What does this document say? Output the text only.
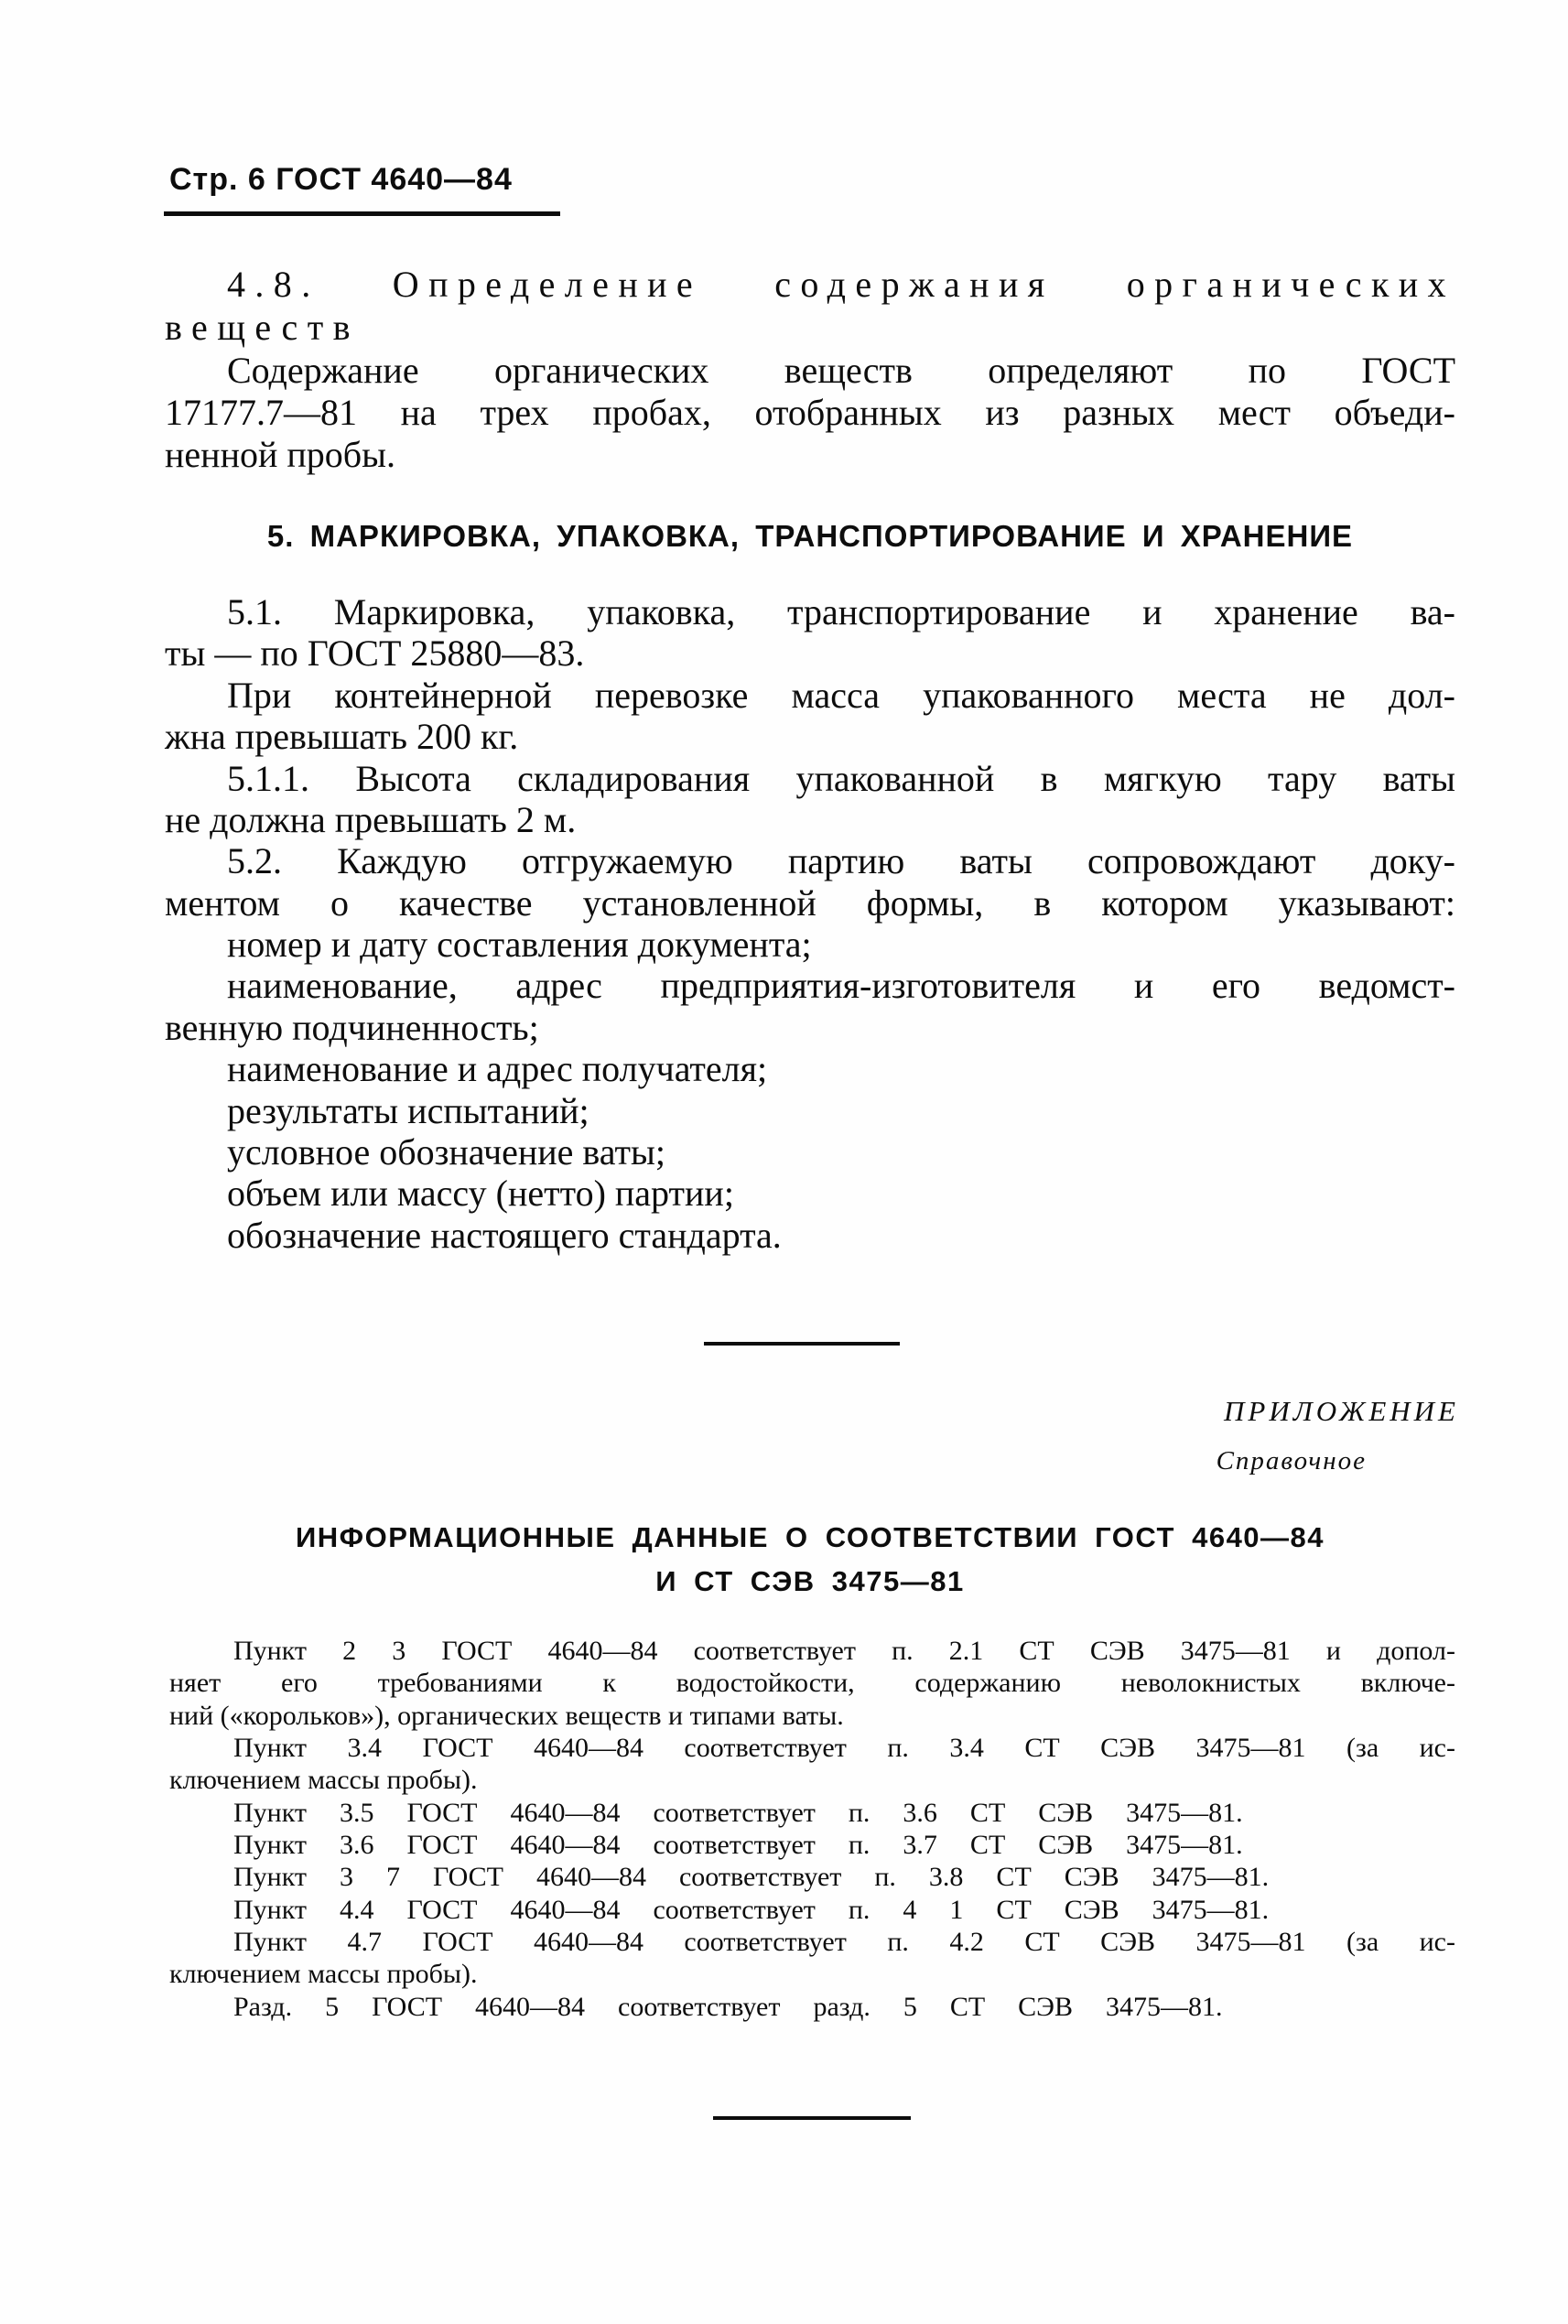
Стр. 6 ГОСТ 4640—84
4.8. Определение содержания органических
веществ
Содержание органических веществ определяют по ГОСТ
17177.7—81 на трех пробах, отобранных из разных мест объеди-
ненной пробы.
5. МАРКИРОВКА, УПАКОВКА, ТРАНСПОРТИРОВАНИЕ И ХРАНЕНИЕ
5.1. Маркировка, упаковка, транспортирование и хранение ва-
ты — по ГОСТ 25880—83.
При контейнерной перевозке масса упакованного места не дол-
жна превышать 200 кг.
5.1.1. Высота складирования упакованной в мягкую тару ваты
не должна превышать 2 м.
5.2. Каждую отгружаемую партию ваты сопровождают доку-
ментом о качестве установленной формы, в котором указывают:
номер и дату составления документа;
наименование, адрес предприятия-изготовителя и его ведомст-
венную подчиненность;
наименование и адрес получателя;
результаты испытаний;
условное обозначение ваты;
объем или массу (нетто) партии;
обозначение настоящего стандарта.
ПРИЛОЖЕНИЕ
Справочное
ИНФОРМАЦИОННЫЕ ДАННЫЕ О СООТВЕТСТВИИ ГОСТ 4640—84
И СТ СЭВ 3475—81
Пункт 2 3 ГОСТ 4640—84 соответствует п. 2.1 СТ СЭВ 3475—81 и допол-
няет его требованиями к водостойкости, содержанию неволокнистых включе-
ний («корольков»), органических веществ и типами ваты.
Пункт 3.4 ГОСТ 4640—84 соответствует п. 3.4 СТ СЭВ 3475—81 (за ис-
ключением массы пробы).
Пункт 3.5 ГОСТ 4640—84 соответствует п. 3.6 СТ СЭВ 3475—81.
Пункт 3.6 ГОСТ 4640—84 соответствует п. 3.7 СТ СЭВ 3475—81.
Пункт 3 7 ГОСТ 4640—84 соответствует п. 3.8 СТ СЭВ 3475—81.
Пункт 4.4 ГОСТ 4640—84 соответствует п. 4 1 СТ СЭВ 3475—81.
Пункт 4.7 ГОСТ 4640—84 соответствует п. 4.2 СТ СЭВ 3475—81 (за ис-
ключением массы пробы).
Разд. 5 ГОСТ 4640—84 соответствует разд. 5 СТ СЭВ 3475—81.
